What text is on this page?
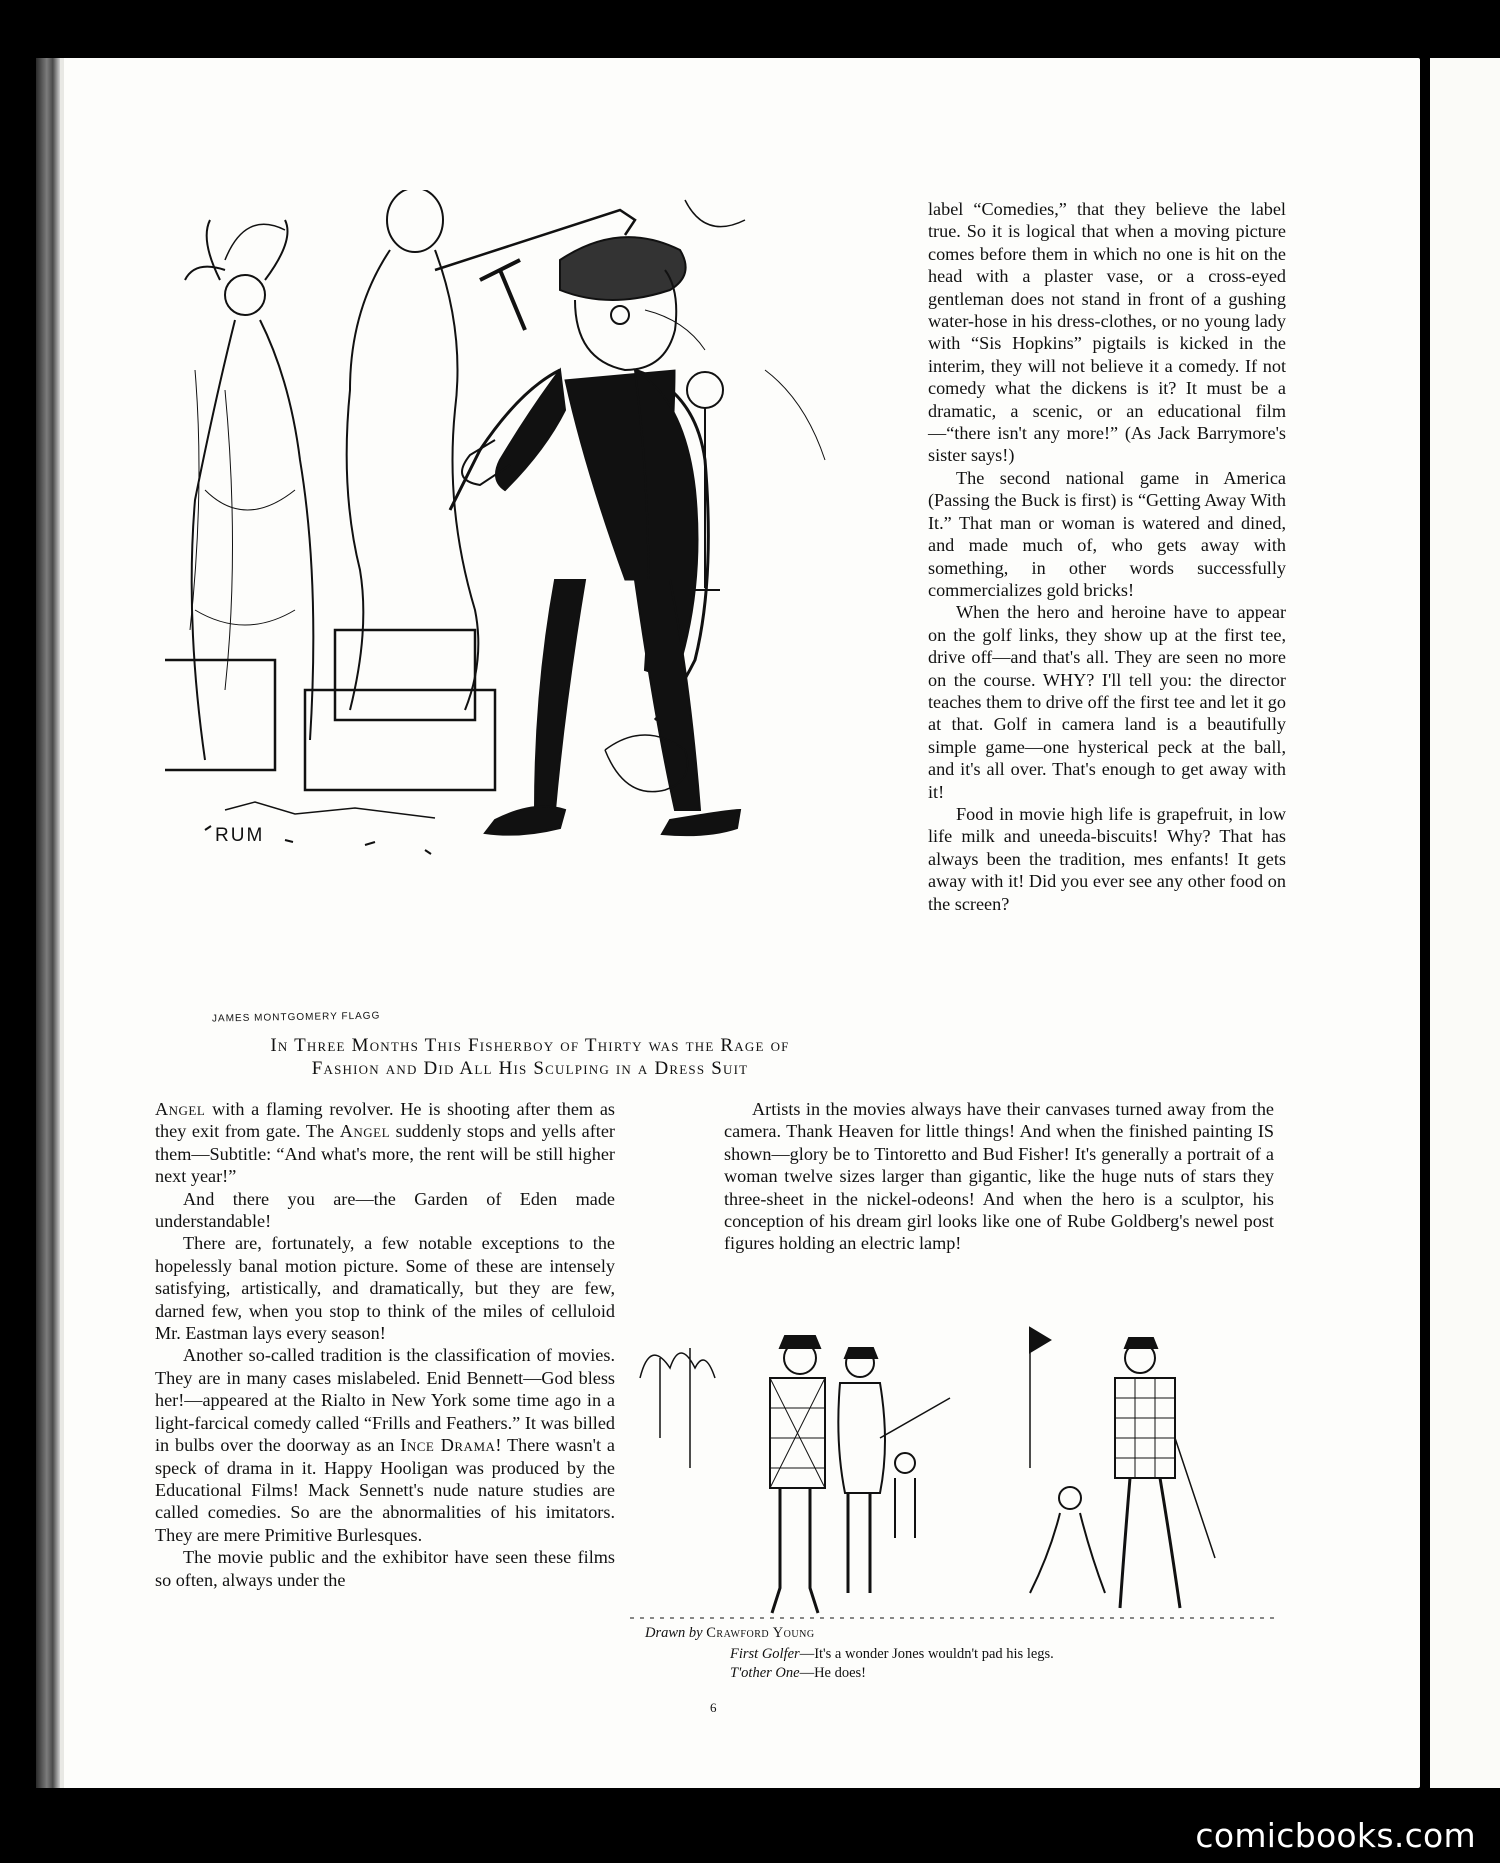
RUM
JAMES MONTGOMERY FLAGG
In Three Months This Fisherboy of Thirty was the Rage of
Fashion and Did All His Sculping in a Dress Suit

label “Comedies,” that they believe the label true. So it is logical that when a moving picture comes before them in which no one is hit on the head with a plaster vase, or a cross-eyed gentleman does not stand in front of a gushing water-hose in his dress-clothes, or no young lady with “Sis Hopkins” pigtails is kicked in the interim, they will not believe it a comedy. If not comedy what the dickens is it? It must be a dramatic, a scenic, or an educational film—“there isn't any more!” (As Jack Barrymore's sister says!)

The second national game in America (Passing the Buck is first) is “Getting Away With It.” That man or woman is watered and dined, and made much of, who gets away with something, in other words successfully commercializes gold bricks!

When the hero and heroine have to appear on the golf links, they show up at the first tee, drive off—and that's all. They are seen no more on the course. WHY? I'll tell you: the director teaches them to drive off the first tee and let it go at that. Golf in camera land is a beautifully simple game—one hysterical peck at the ball, and it's all over. That's enough to get away with it!

Food in movie high life is grapefruit, in low life milk and uneeda-biscuits! Why? That has always been the tradition, mes enfants! It gets away with it! Did you ever see any other food on the screen?

Angel with a flaming revolver. He is shooting after them as they exit from gate. The Angel suddenly stops and yells after them—Subtitle: “And what's more, the rent will be still higher next year!”

And there you are—the Garden of Eden made understandable!

There are, fortunately, a few notable exceptions to the hopelessly banal motion picture. Some of these are intensely satisfying, artistically, and dramatically, but they are few, darned few, when you stop to think of the miles of celluloid Mr. Eastman lays every season!

Another so-called tradition is the classification of movies. They are in many cases mislabeled. Enid Bennett—God bless her!—appeared at the Rialto in New York some time ago in a light-farcical comedy called “Frills and Feathers.” It was billed in bulbs over the doorway as an Ince Drama! There wasn't a speck of drama in it. Happy Hooligan was produced by the Educational Films! Mack Sennett's nude nature studies are called comedies. So are the abnormalities of his imitators. They are mere Primitive Burlesques.

The movie public and the exhibitor have seen these films so often, always under the

Artists in the movies always have their canvases turned away from the camera. Thank Heaven for little things! And when the finished painting IS shown—glory be to Tintoretto and Bud Fisher! It's generally a portrait of a woman twelve sizes larger than gigantic, like the huge nuts of stars they three-sheet in the nickel-odeons! And when the hero is a sculptor, his conception of his dream girl looks like one of Rube Goldberg's newel post figures holding an electric lamp!

Drawn by Crawford Young
First Golfer—It's a wonder Jones wouldn't pad his legs.
T'other One—He does!
6
comicbooks.com
